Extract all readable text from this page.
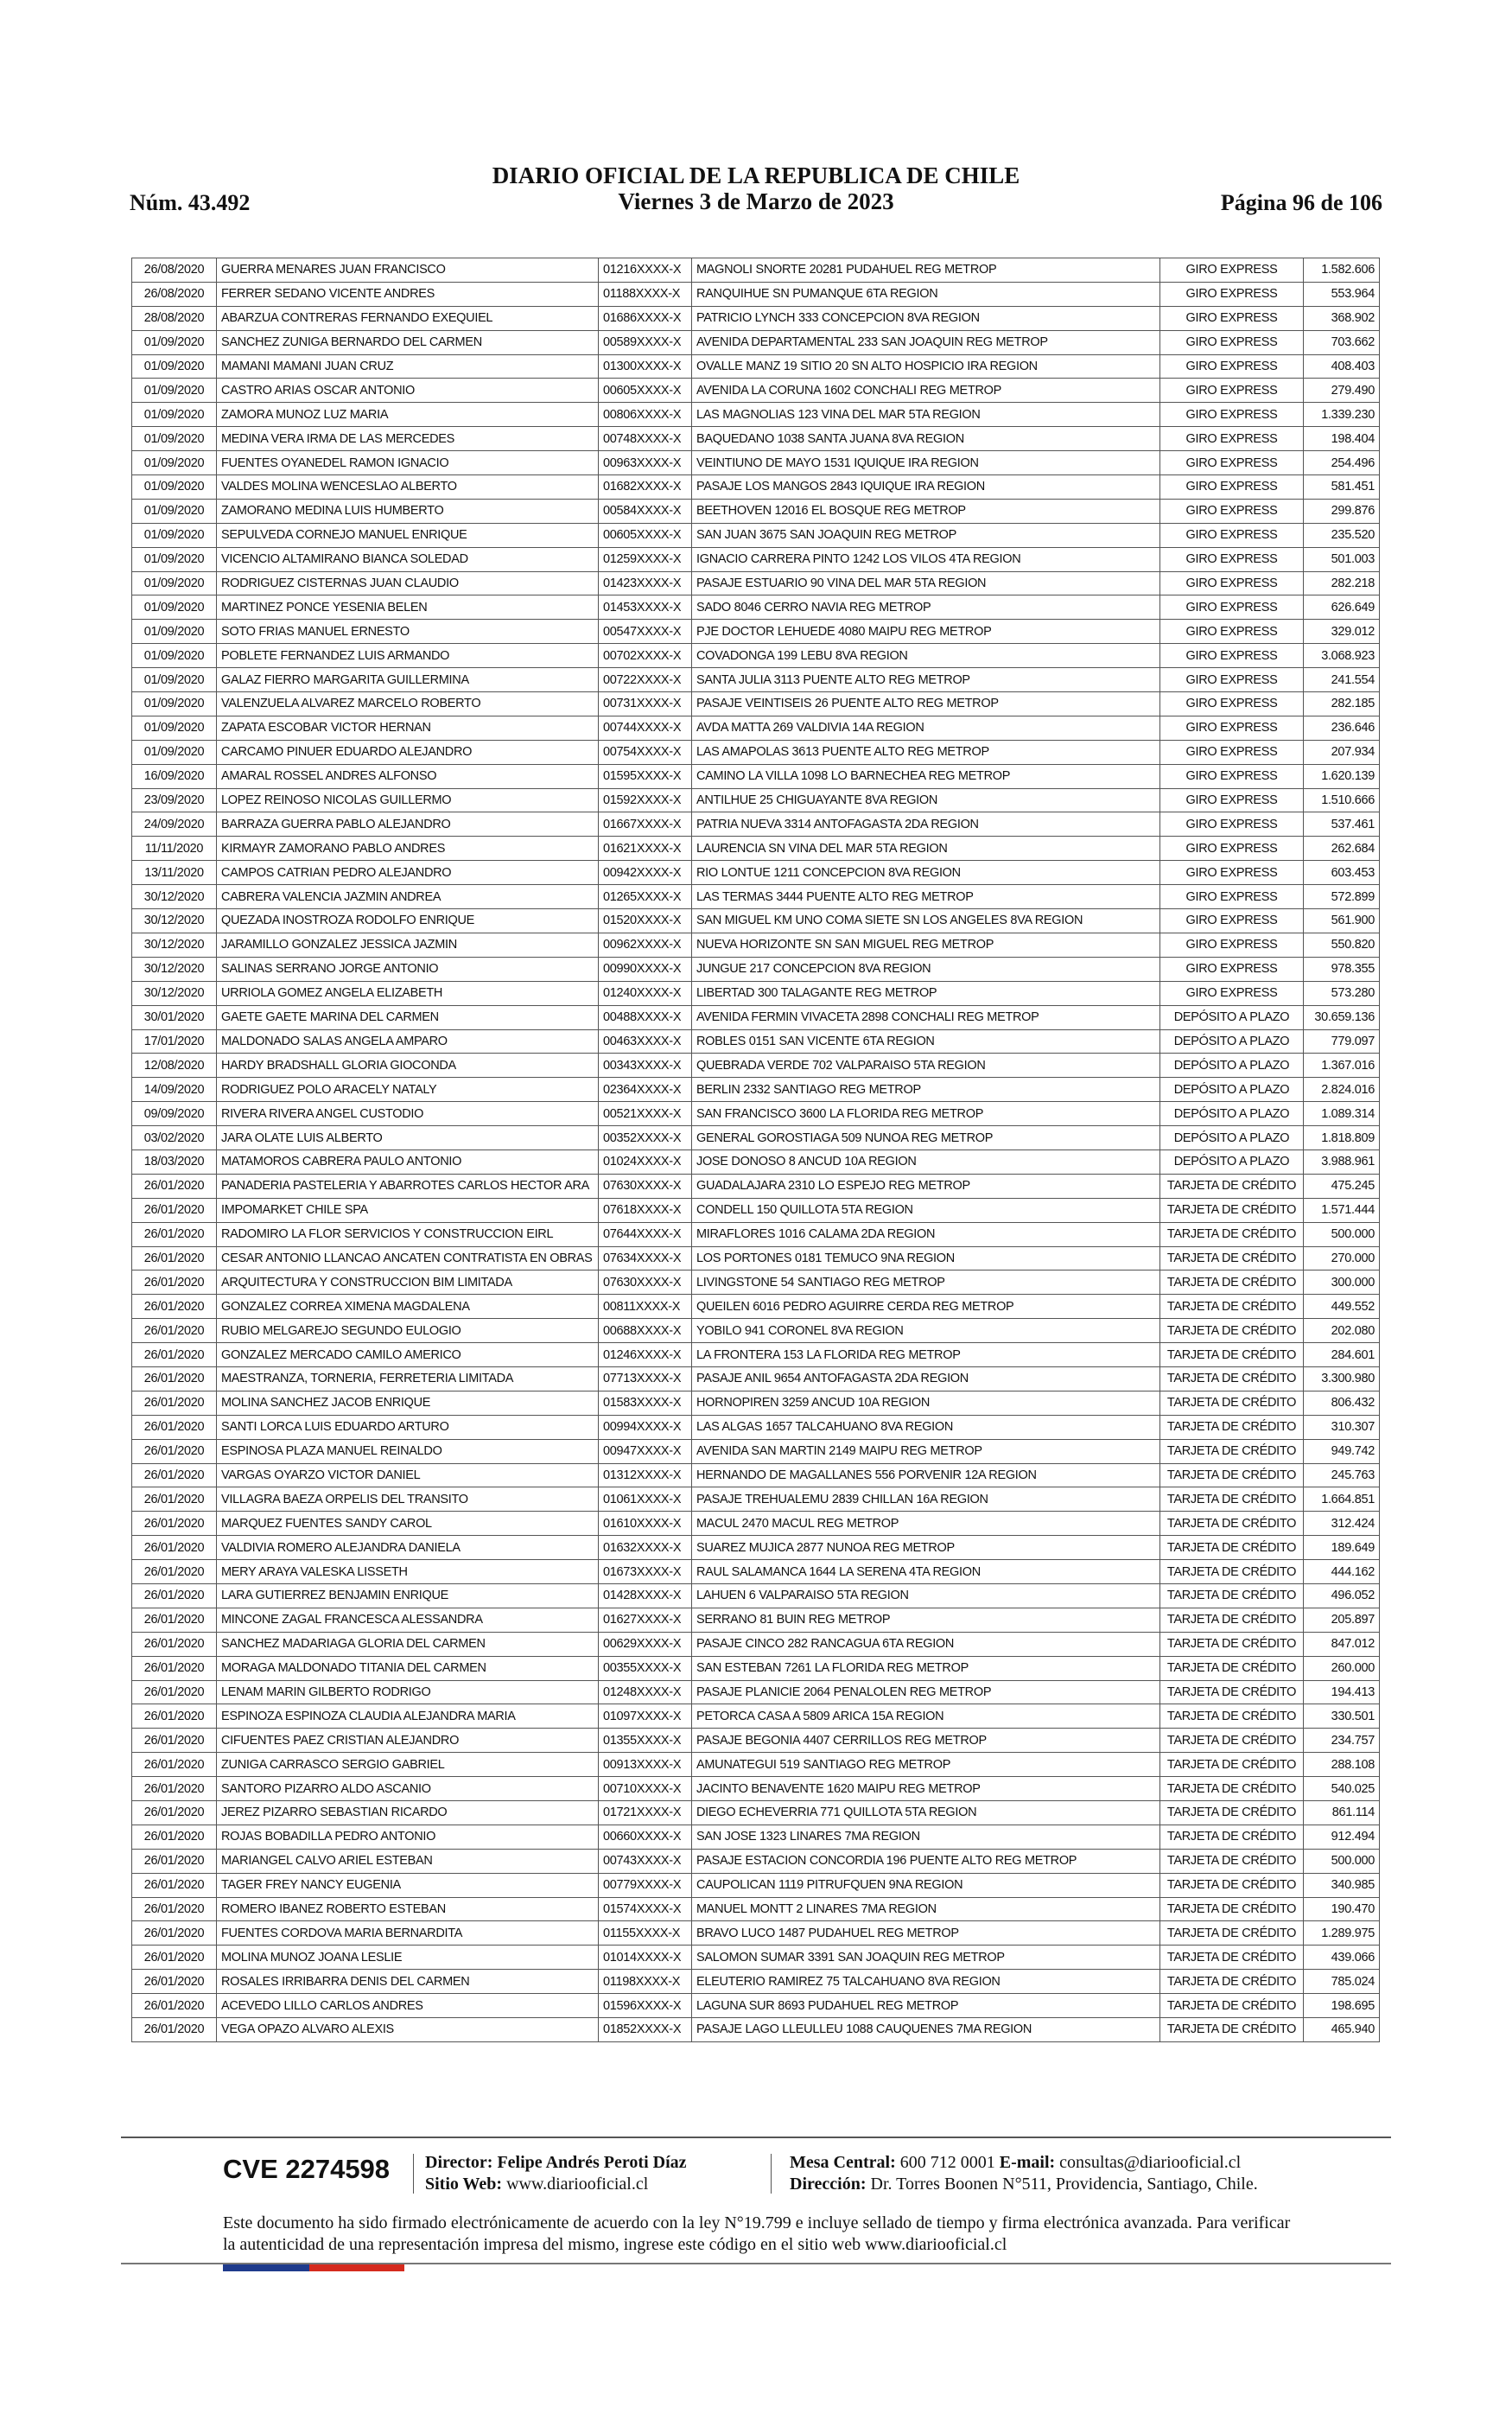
Núm. 43.492
DIARIO OFICIAL DE LA REPUBLICA DE CHILE
Viernes 3 de Marzo de 2023	Página 96 de 106
26/08/2020	GUERRA MENARES JUAN FRANCISCO	01216XXXX-X	MAGNOLI SNORTE 20281 PUDAHUEL REG METROP	GIRO EXPRESS	1.582.606
26/08/2020	FERRER SEDANO VICENTE ANDRES	01188XXXX-X	RANQUIHUE SN PUMANQUE 6TA REGION	GIRO EXPRESS	553.964
28/08/2020	ABARZUA CONTRERAS FERNANDO EXEQUIEL	01686XXXX-X	PATRICIO LYNCH 333 CONCEPCION 8VA REGION	GIRO EXPRESS	368.902
01/09/2020	SANCHEZ ZUNIGA BERNARDO DEL CARMEN	00589XXXX-X	AVENIDA DEPARTAMENTAL 233 SAN JOAQUIN REG METROP	GIRO EXPRESS	703.662
01/09/2020	MAMANI MAMANI JUAN CRUZ	01300XXXX-X	OVALLE MANZ 19 SITIO 20 SN ALTO HOSPICIO IRA REGION	GIRO EXPRESS	408.403
01/09/2020	CASTRO ARIAS OSCAR ANTONIO	00605XXXX-X	AVENIDA LA CORUNA 1602 CONCHALI REG METROP	GIRO EXPRESS	279.490
01/09/2020	ZAMORA MUNOZ LUZ MARIA	00806XXXX-X	LAS MAGNOLIAS 123 VINA DEL MAR 5TA REGION	GIRO EXPRESS	1.339.230
01/09/2020	MEDINA VERA IRMA DE LAS MERCEDES	00748XXXX-X	BAQUEDANO 1038 SANTA JUANA 8VA REGION	GIRO EXPRESS	198.404
01/09/2020	FUENTES OYANEDEL RAMON IGNACIO	00963XXXX-X	VEINTIUNO DE MAYO 1531 IQUIQUE IRA REGION	GIRO EXPRESS	254.496
01/09/2020	VALDES MOLINA WENCESLAO ALBERTO	01682XXXX-X	PASAJE LOS MANGOS 2843 IQUIQUE IRA REGION	GIRO EXPRESS	581.451
01/09/2020	ZAMORANO MEDINA LUIS HUMBERTO	00584XXXX-X	BEETHOVEN 12016 EL BOSQUE REG METROP	GIRO EXPRESS	299.876
01/09/2020	SEPULVEDA CORNEJO MANUEL ENRIQUE	00605XXXX-X	SAN JUAN 3675 SAN JOAQUIN REG METROP	GIRO EXPRESS	235.520
01/09/2020	VICENCIO ALTAMIRANO BIANCA SOLEDAD	01259XXXX-X	IGNACIO CARRERA PINTO 1242 LOS VILOS 4TA REGION	GIRO EXPRESS	501.003
01/09/2020	RODRIGUEZ CISTERNAS JUAN CLAUDIO	01423XXXX-X	PASAJE ESTUARIO 90 VINA DEL MAR 5TA REGION	GIRO EXPRESS	282.218
01/09/2020	MARTINEZ PONCE YESENIA BELEN	01453XXXX-X	SADO 8046 CERRO NAVIA REG METROP	GIRO EXPRESS	626.649
01/09/2020	SOTO FRIAS MANUEL ERNESTO	00547XXXX-X	PJE DOCTOR LEHUEDE 4080 MAIPU REG METROP	GIRO EXPRESS	329.012
01/09/2020	POBLETE FERNANDEZ LUIS ARMANDO	00702XXXX-X	COVADONGA 199 LEBU 8VA REGION	GIRO EXPRESS	3.068.923
01/09/2020	GALAZ FIERRO MARGARITA GUILLERMINA	00722XXXX-X	SANTA JULIA 3113 PUENTE ALTO REG METROP	GIRO EXPRESS	241.554
01/09/2020	VALENZUELA ALVAREZ MARCELO ROBERTO	00731XXXX-X	PASAJE VEINTISEIS 26 PUENTE ALTO REG METROP	GIRO EXPRESS	282.185
01/09/2020	ZAPATA ESCOBAR VICTOR HERNAN	00744XXXX-X	AVDA MATTA 269 VALDIVIA 14A REGION	GIRO EXPRESS	236.646
01/09/2020	CARCAMO PINUER EDUARDO ALEJANDRO	00754XXXX-X	LAS AMAPOLAS 3613 PUENTE ALTO REG METROP	GIRO EXPRESS	207.934
16/09/2020	AMARAL ROSSEL ANDRES ALFONSO	01595XXXX-X	CAMINO LA VILLA 1098 LO BARNECHEA REG METROP	GIRO EXPRESS	1.620.139
23/09/2020	LOPEZ REINOSO NICOLAS GUILLERMO	01592XXXX-X	ANTILHUE 25 CHIGUAYANTE 8VA REGION	GIRO EXPRESS	1.510.666
24/09/2020	BARRAZA GUERRA PABLO ALEJANDRO	01667XXXX-X	PATRIA NUEVA 3314 ANTOFAGASTA 2DA REGION	GIRO EXPRESS	537.461
11/11/2020	KIRMAYR ZAMORANO PABLO ANDRES	01621XXXX-X	LAURENCIA SN VINA DEL MAR 5TA REGION	GIRO EXPRESS	262.684
13/11/2020	CAMPOS CATRIAN PEDRO ALEJANDRO	00942XXXX-X	RIO LONTUE 1211 CONCEPCION 8VA REGION	GIRO EXPRESS	603.453
30/12/2020	CABRERA VALENCIA JAZMIN ANDREA	01265XXXX-X	LAS TERMAS 3444 PUENTE ALTO REG METROP	GIRO EXPRESS	572.899
30/12/2020	QUEZADA INOSTROZA RODOLFO ENRIQUE	01520XXXX-X	SAN MIGUEL KM UNO COMA SIETE SN LOS ANGELES 8VA REGION	GIRO EXPRESS	561.900
30/12/2020	JARAMILLO GONZALEZ JESSICA JAZMIN	00962XXXX-X	NUEVA HORIZONTE SN SAN MIGUEL REG METROP	GIRO EXPRESS	550.820
30/12/2020	SALINAS SERRANO JORGE ANTONIO	00990XXXX-X	JUNGUE 217 CONCEPCION 8VA REGION	GIRO EXPRESS	978.355
30/12/2020	URRIOLA GOMEZ ANGELA ELIZABETH	01240XXXX-X	LIBERTAD 300 TALAGANTE REG METROP	GIRO EXPRESS	573.280
30/01/2020	GAETE GAETE MARINA DEL CARMEN	00488XXXX-X	AVENIDA FERMIN VIVACETA 2898 CONCHALI REG METROP	DEPÓSITO A PLAZO	30.659.136
17/01/2020	MALDONADO SALAS ANGELA AMPARO	00463XXXX-X	ROBLES 0151 SAN VICENTE 6TA REGION	DEPÓSITO A PLAZO	779.097
12/08/2020	HARDY BRADSHALL GLORIA GIOCONDA	00343XXXX-X	QUEBRADA VERDE 702 VALPARAISO 5TA REGION	DEPÓSITO A PLAZO	1.367.016
14/09/2020	RODRIGUEZ POLO ARACELY NATALY	02364XXXX-X	BERLIN 2332 SANTIAGO REG METROP	DEPÓSITO A PLAZO	2.824.016
09/09/2020	RIVERA RIVERA ANGEL CUSTODIO	00521XXXX-X	SAN FRANCISCO 3600 LA FLORIDA REG METROP	DEPÓSITO A PLAZO	1.089.314
03/02/2020	JARA OLATE LUIS ALBERTO	00352XXXX-X	GENERAL GOROSTIAGA 509 NUNOA REG METROP	DEPÓSITO A PLAZO	1.818.809
18/03/2020	MATAMOROS CABRERA PAULO ANTONIO	01024XXXX-X	JOSE DONOSO 8 ANCUD 10A REGION	DEPÓSITO A PLAZO	3.988.961
26/01/2020	PANADERIA PASTELERIA Y ABARROTES CARLOS HECTOR ARA	07630XXXX-X	GUADALAJARA 2310 LO ESPEJO REG METROP	TARJETA DE CRÉDITO	475.245
26/01/2020	IMPOMARKET CHILE SPA	07618XXXX-X	CONDELL 150 QUILLOTA 5TA REGION	TARJETA DE CRÉDITO	1.571.444
26/01/2020	RADOMIRO LA FLOR SERVICIOS Y CONSTRUCCION EIRL	07644XXXX-X	MIRAFLORES 1016 CALAMA 2DA REGION	TARJETA DE CRÉDITO	500.000
26/01/2020	CESAR ANTONIO LLANCAO ANCATEN CONTRATISTA EN OBRAS	07634XXXX-X	LOS PORTONES 0181 TEMUCO 9NA REGION	TARJETA DE CRÉDITO	270.000
26/01/2020	ARQUITECTURA Y CONSTRUCCION BIM LIMITADA	07630XXXX-X	LIVINGSTONE 54 SANTIAGO REG METROP	TARJETA DE CRÉDITO	300.000
26/01/2020	GONZALEZ CORREA XIMENA MAGDALENA	00811XXXX-X	QUEILEN 6016 PEDRO AGUIRRE CERDA REG METROP	TARJETA DE CRÉDITO	449.552
26/01/2020	RUBIO MELGAREJO SEGUNDO EULOGIO	00688XXXX-X	YOBILO 941 CORONEL 8VA REGION	TARJETA DE CRÉDITO	202.080
26/01/2020	GONZALEZ MERCADO CAMILO AMERICO	01246XXXX-X	LA FRONTERA 153 LA FLORIDA REG METROP	TARJETA DE CRÉDITO	284.601
26/01/2020	MAESTRANZA, TORNERIA, FERRETERIA LIMITADA	07713XXXX-X	PASAJE ANIL 9654 ANTOFAGASTA 2DA REGION	TARJETA DE CRÉDITO	3.300.980
26/01/2020	MOLINA SANCHEZ JACOB ENRIQUE	01583XXXX-X	HORNOPIREN 3259 ANCUD 10A REGION	TARJETA DE CRÉDITO	806.432
26/01/2020	SANTI LORCA LUIS EDUARDO ARTURO	00994XXXX-X	LAS ALGAS 1657 TALCAHUANO 8VA REGION	TARJETA DE CRÉDITO	310.307
26/01/2020	ESPINOSA PLAZA MANUEL REINALDO	00947XXXX-X	AVENIDA SAN MARTIN 2149 MAIPU REG METROP	TARJETA DE CRÉDITO	949.742
26/01/2020	VARGAS OYARZO VICTOR DANIEL	01312XXXX-X	HERNANDO DE MAGALLANES 556 PORVENIR 12A REGION	TARJETA DE CRÉDITO	245.763
26/01/2020	VILLAGRA BAEZA ORPELIS DEL TRANSITO	01061XXXX-X	PASAJE TREHUALEMU 2839 CHILLAN 16A REGION	TARJETA DE CRÉDITO	1.664.851
26/01/2020	MARQUEZ FUENTES SANDY CAROL	01610XXXX-X	MACUL 2470 MACUL REG METROP	TARJETA DE CRÉDITO	312.424
26/01/2020	VALDIVIA ROMERO ALEJANDRA DANIELA	01632XXXX-X	SUAREZ MUJICA 2877 NUNOA REG METROP	TARJETA DE CRÉDITO	189.649
26/01/2020	MERY ARAYA VALESKA LISSETH	01673XXXX-X	RAUL SALAMANCA 1644 LA SERENA 4TA REGION	TARJETA DE CRÉDITO	444.162
26/01/2020	LARA GUTIERREZ BENJAMIN ENRIQUE	01428XXXX-X	LAHUEN 6 VALPARAISO 5TA REGION	TARJETA DE CRÉDITO	496.052
26/01/2020	MINCONE ZAGAL FRANCESCA ALESSANDRA	01627XXXX-X	SERRANO 81 BUIN REG METROP	TARJETA DE CRÉDITO	205.897
26/01/2020	SANCHEZ MADARIAGA GLORIA DEL CARMEN	00629XXXX-X	PASAJE CINCO 282 RANCAGUA 6TA REGION	TARJETA DE CRÉDITO	847.012
26/01/2020	MORAGA MALDONADO TITANIA DEL CARMEN	00355XXXX-X	SAN ESTEBAN 7261 LA FLORIDA REG METROP	TARJETA DE CRÉDITO	260.000
26/01/2020	LENAM MARIN GILBERTO RODRIGO	01248XXXX-X	PASAJE PLANICIE 2064 PENALOLEN REG METROP	TARJETA DE CRÉDITO	194.413
26/01/2020	ESPINOZA ESPINOZA CLAUDIA ALEJANDRA MARIA	01097XXXX-X	PETORCA CASA A 5809 ARICA 15A REGION	TARJETA DE CRÉDITO	330.501
26/01/2020	CIFUENTES PAEZ CRISTIAN ALEJANDRO	01355XXXX-X	PASAJE BEGONIA 4407 CERRILLOS REG METROP	TARJETA DE CRÉDITO	234.757
26/01/2020	ZUNIGA CARRASCO SERGIO GABRIEL	00913XXXX-X	AMUNATEGUI 519 SANTIAGO REG METROP	TARJETA DE CRÉDITO	288.108
26/01/2020	SANTORO PIZARRO ALDO ASCANIO	00710XXXX-X	JACINTO BENAVENTE 1620 MAIPU REG METROP	TARJETA DE CRÉDITO	540.025
26/01/2020	JEREZ PIZARRO SEBASTIAN RICARDO	01721XXXX-X	DIEGO ECHEVERRIA 771 QUILLOTA 5TA REGION	TARJETA DE CRÉDITO	861.114
26/01/2020	ROJAS BOBADILLA PEDRO ANTONIO	00660XXXX-X	SAN JOSE 1323 LINARES 7MA REGION	TARJETA DE CRÉDITO	912.494
26/01/2020	MARIANGEL CALVO ARIEL ESTEBAN	00743XXXX-X	PASAJE ESTACION CONCORDIA 196 PUENTE ALTO REG METROP	TARJETA DE CRÉDITO	500.000
26/01/2020	TAGER FREY NANCY EUGENIA	00779XXXX-X	CAUPOLICAN 1119 PITRUFQUEN 9NA REGION	TARJETA DE CRÉDITO	340.985
26/01/2020	ROMERO IBANEZ ROBERTO ESTEBAN	01574XXXX-X	MANUEL MONTT 2 LINARES 7MA REGION	TARJETA DE CRÉDITO	190.470
26/01/2020	FUENTES CORDOVA MARIA BERNARDITA	01155XXXX-X	BRAVO LUCO 1487 PUDAHUEL REG METROP	TARJETA DE CRÉDITO	1.289.975
26/01/2020	MOLINA MUNOZ JOANA LESLIE	01014XXXX-X	SALOMON SUMAR 3391 SAN JOAQUIN REG METROP	TARJETA DE CRÉDITO	439.066
26/01/2020	ROSALES IRRIBARRA DENIS DEL CARMEN	01198XXXX-X	ELEUTERIO RAMIREZ 75 TALCAHUANO 8VA REGION	TARJETA DE CRÉDITO	785.024
26/01/2020	ACEVEDO LILLO CARLOS ANDRES	01596XXXX-X	LAGUNA SUR 8693 PUDAHUEL REG METROP	TARJETA DE CRÉDITO	198.695
26/01/2020	VEGA OPAZO ALVARO ALEXIS	01852XXXX-X	PASAJE LAGO LLEULLEU 1088 CAUQUENES 7MA REGION	TARJETA DE CRÉDITO	465.940
CVE 2274598 Director: Felipe Andrés Peroti Díaz
Sitio Web: www.diariooficial.cl
Mesa Central: 600 712 0001 E-mail: consultas@diariooficial.cl
Dirección: Dr. Torres Boonen N°511, Providencia, Santiago, Chile.
Este documento ha sido firmado electrónicamente de acuerdo con la ley N°19.799 e incluye sellado de tiempo y firma electrónica avanzada. Para verificar la autenticidad de una representación impresa del mismo, ingrese este código en el sitio web www.diariooficial.cl
